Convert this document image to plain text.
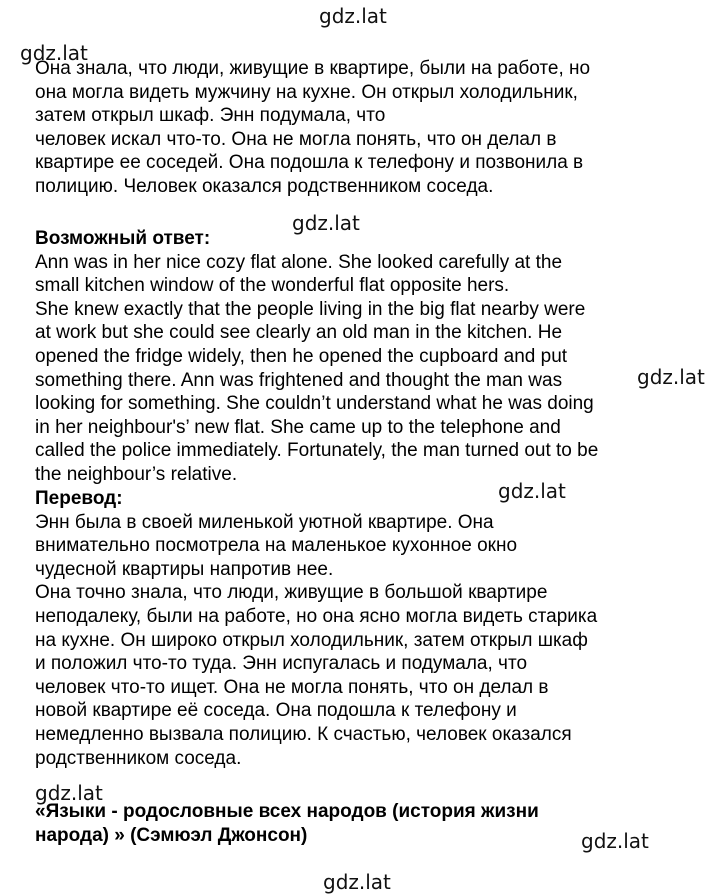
Она знала, что люди, живущие в квартире, были на работе, но
она могла видеть мужчину на кухне. Он открыл холодильник,
затем открыл шкаф. Энн подумала, что
человек искал что-то. Она не могла понять, что он делал в
квартире ее соседей. Она подошла к телефону и позвонила в
полицию. Человек оказался родственником соседа.
Возможный ответ:
Ann was in her nice cozy flat alone. She looked carefully at the
small kitchen window of the wonderful flat opposite hers.
She knew exactly that the people living in the big flat nearby were
at work but she could see clearly an old man in the kitchen. He
opened the fridge widely, then he opened the cupboard and put
something there. Ann was frightened and thought the man was
looking for something. She couldn’t understand what he was doing
in her neighbour's’ new flat. She came up to the telephone and
called the police immediately. Fortunately, the man turned out to be
the neighbour’s relative.
Перевод:
Энн была в своей миленькой уютной квартире. Она
внимательно посмотрела на маленькое кухонное окно
чудесной квартиры напротив нее.
Она точно знала, что люди, живущие в большой квартире
неподалеку, были на работе, но она ясно могла видеть старика
на кухне. Он широко открыл холодильник, затем открыл шкаф
и положил что-то туда. Энн испугалась и подумала, что
человек что-то ищет. Она не могла понять, что он делал в
новой квартире её соседа. Она подошла к телефону и
немедленно вызвала полицию. К счастью, человек оказался
родственником соседа.
«Языки - родословные всех народов (история жизни
народа) » (Сэмюэл Джонсон)
gdz.lat
gdz.lat
gdz.lat
gdz.lat
gdz.lat
gdz.lat
gdz.lat
gdz.lat
